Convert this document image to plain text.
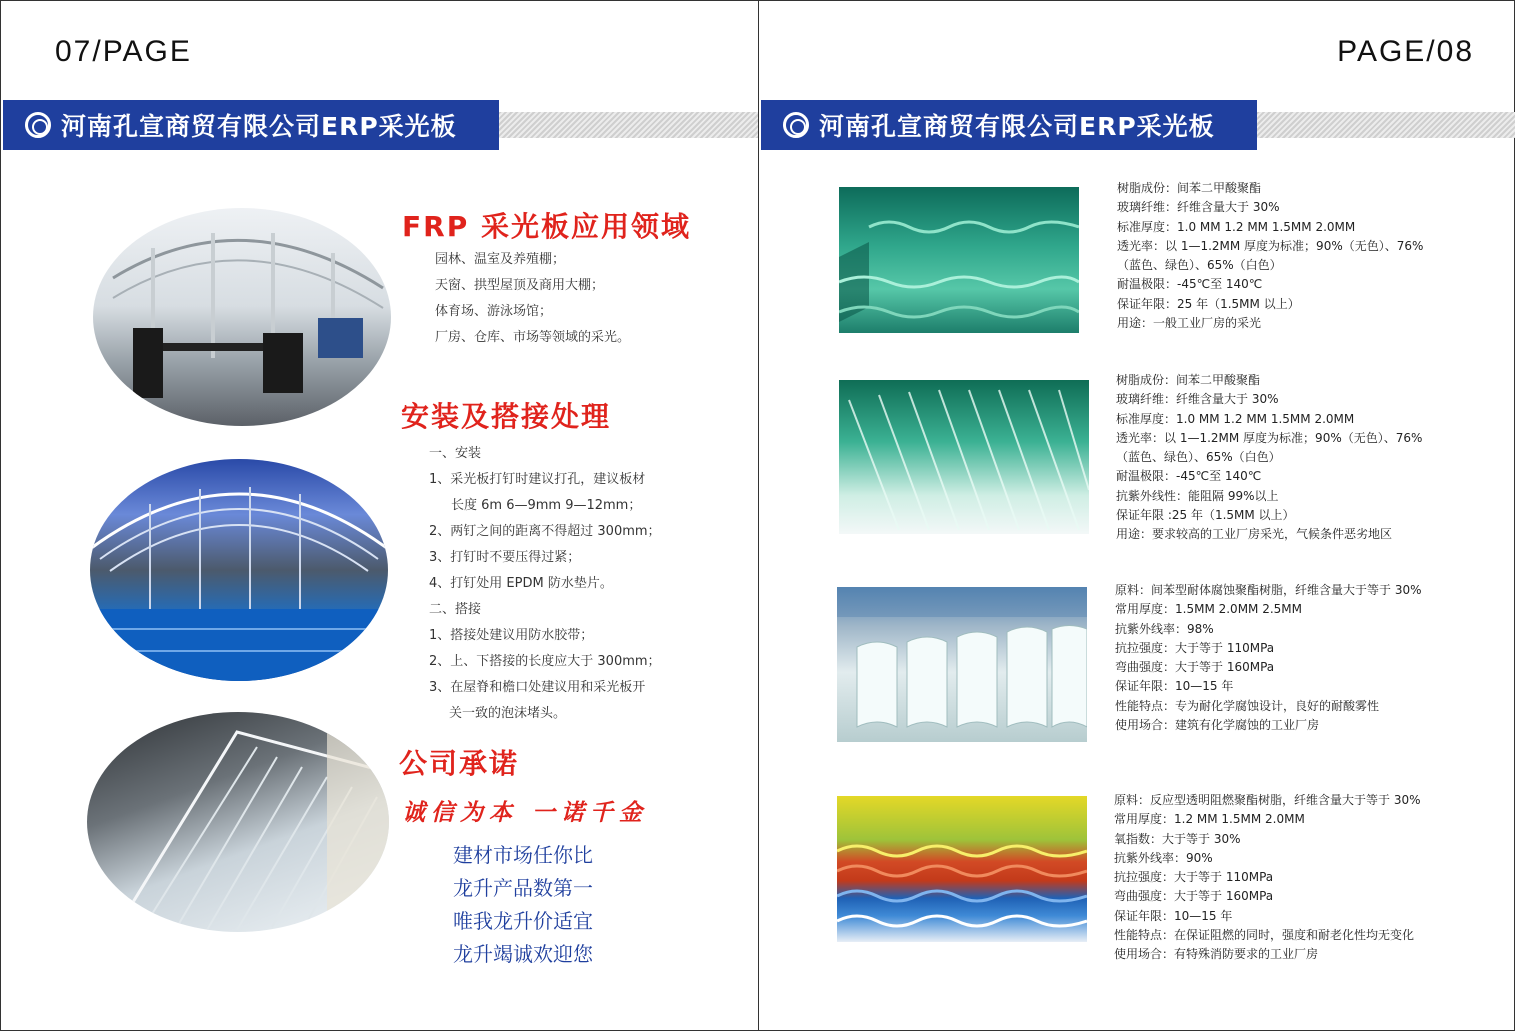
07/PAGE
河南孔宣商贸有限公司ERP采光板
FRP 采光板应用领域
园林、温室及养殖棚；
天窗、拱型屋顶及商用大棚；
体育场、游泳场馆；
厂房、仓库、市场等领域的采光。
安装及搭接处理
一、安装
1、采光板打钉时建议打孔，建议板材
长度 6m 6—9mm 9—12mm；
2、两钉之间的距离不得超过 300mm；
3、打钉时不要压得过紧；
4、打钉处用 EPDM 防水垫片。
二、搭接
1、搭接处建议用防水胶带；
2、上、下搭接的长度应大于 300mm；
3、在屋脊和檐口处建议用和采光板开
关一致的泡沫堵头。
公司承诺
诚信为本 一诺千金
建材市场任你比
龙升产品数第一
唯我龙升价适宜
龙升竭诚欢迎您
PAGE/08
河南孔宣商贸有限公司ERP采光板
树脂成份：间苯二甲酸聚酯
玻璃纤维：纤维含量大于 30%
标准厚度：1.0 MM 1.2 MM 1.5MM 2.0MM
透光率：以 1—1.2MM 厚度为标准；90%（无色）、76%（蓝色、绿色）、65%（白色）
耐温极限：-45℃至 140℃
保证年限：25 年（1.5MM 以上）
用途：一般工业厂房的采光
树脂成份：间苯二甲酸聚酯
玻璃纤维：纤维含量大于 30%
标准厚度：1.0 MM 1.2 MM 1.5MM 2.0MM
透光率：以 1—1.2MM 厚度为标准；90%（无色）、76%（蓝色、绿色）、65%（白色）
耐温极限：-45℃至 140℃
抗紫外线性：能阻隔 99%以上
保证年限 :25 年（1.5MM 以上）
用途：要求较高的工业厂房采光，气候条件恶劣地区
原料：间苯型耐体腐蚀聚酯树脂，纤维含量大于等于 30%
常用厚度：1.5MM 2.0MM 2.5MM
抗紫外线率：98%
抗拉强度：大于等于 110MPa
弯曲强度：大于等于 160MPa
保证年限：10—15 年
性能特点：专为耐化学腐蚀设计，良好的耐酸雾性
使用场合：建筑有化学腐蚀的工业厂房
原料：反应型透明阻燃聚酯树脂，纤维含量大于等于 30%
常用厚度：1.2 MM 1.5MM 2.0MM
氧指数：大于等于 30%
抗紫外线率：90%
抗拉强度：大于等于 110MPa
弯曲强度：大于等于 160MPa
保证年限：10—15 年
性能特点：在保证阻燃的同时，强度和耐老化性均无变化
使用场合：有特殊消防要求的工业厂房
